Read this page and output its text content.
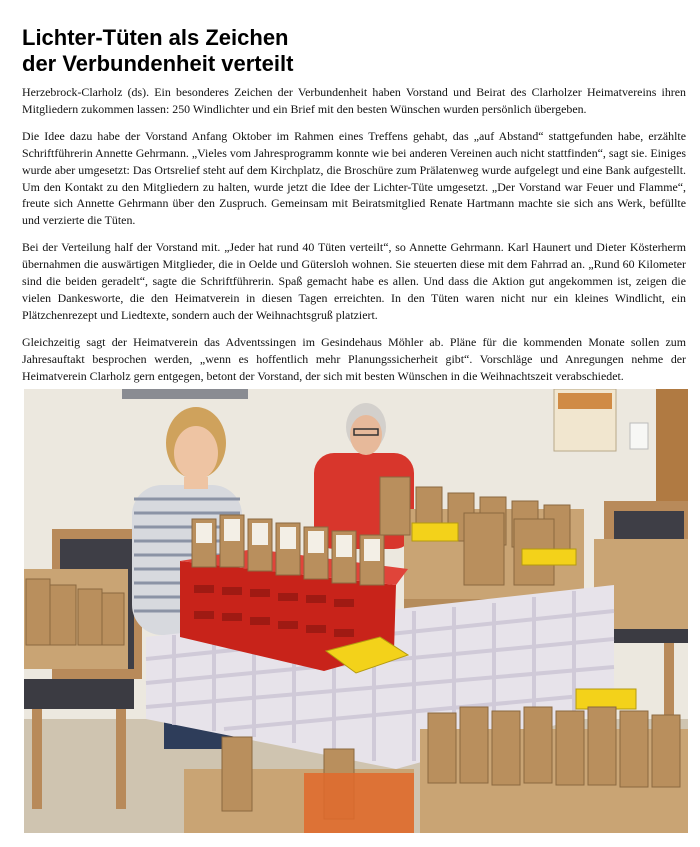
Lichter-Tüten als Zeichen
der Verbundenheit verteilt

Herzebrock-Clarholz (ds). Ein besonderes Zeichen der Verbundenheit haben Vorstand und Beirat des Clarholzer Heimatvereins ihren Mitgliedern zukommen lassen: 250 Windlichter und ein Brief mit den besten Wünschen wurden persönlich übergeben.

Die Idee dazu habe der Vorstand Anfang Oktober im Rahmen eines Treffens gehabt, das „auf Abstand“ stattgefunden habe, erzählte Schriftführerin Annette Gehrmann. „Vieles vom Jahresprogramm konnte wie bei anderen Vereinen auch nicht stattfinden“, sagt sie. Einiges wurde aber umgesetzt: Das Ortsrelief steht auf dem Kirchplatz, die Broschüre zum Prälatenweg wurde aufgelegt und eine Bank aufgestellt. Um den Kontakt zu den Mitgliedern zu halten, wurde jetzt die Idee der Lichter-Tüte umgesetzt. „Der Vorstand war Feuer und Flamme“, freute sich Annette Gehrmann über den Zuspruch. Gemeinsam mit Beiratsmitglied Renate Hartmann machte sie sich ans Werk, befüllte und verzierte die Tüten.

Bei der Verteilung half der Vorstand mit. „Jeder hat rund 40 Tüten verteilt“, so Annette Gehrmann. Karl Haunert und Dieter Kösterherm übernahmen die auswärtigen Mitglieder, die in Oelde und Gütersloh wohnen. Sie steuerten diese mit dem Fahrrad an. „Rund 60 Kilometer sind die beiden geradelt“, sagte die Schriftführerin. Spaß gemacht habe es allen. Und dass die Aktion gut angekommen ist, zeigen die vielen Dankesworte, die den Heimatverein in diesen Tagen erreichten. In den Tüten waren nicht nur ein kleines Windlicht, ein Plätzchenrezept und Liedtexte, sondern auch der Weihnachtsgruß platziert.

Gleichzeitig sagt der Heimatverein das Adventssingen im Gesindehaus Möhler ab. Pläne für die kommenden Monate sollen zum Jahresauftakt besprochen werden, „wenn es hoffentlich mehr Planungssicherheit gibt“. Vorschläge und Anregungen nehme der Heimatverein Clarholz gern entgegen, betont der Vorstand, der sich mit besten Wünschen in die Weihnachtszeit verabschiedet.
